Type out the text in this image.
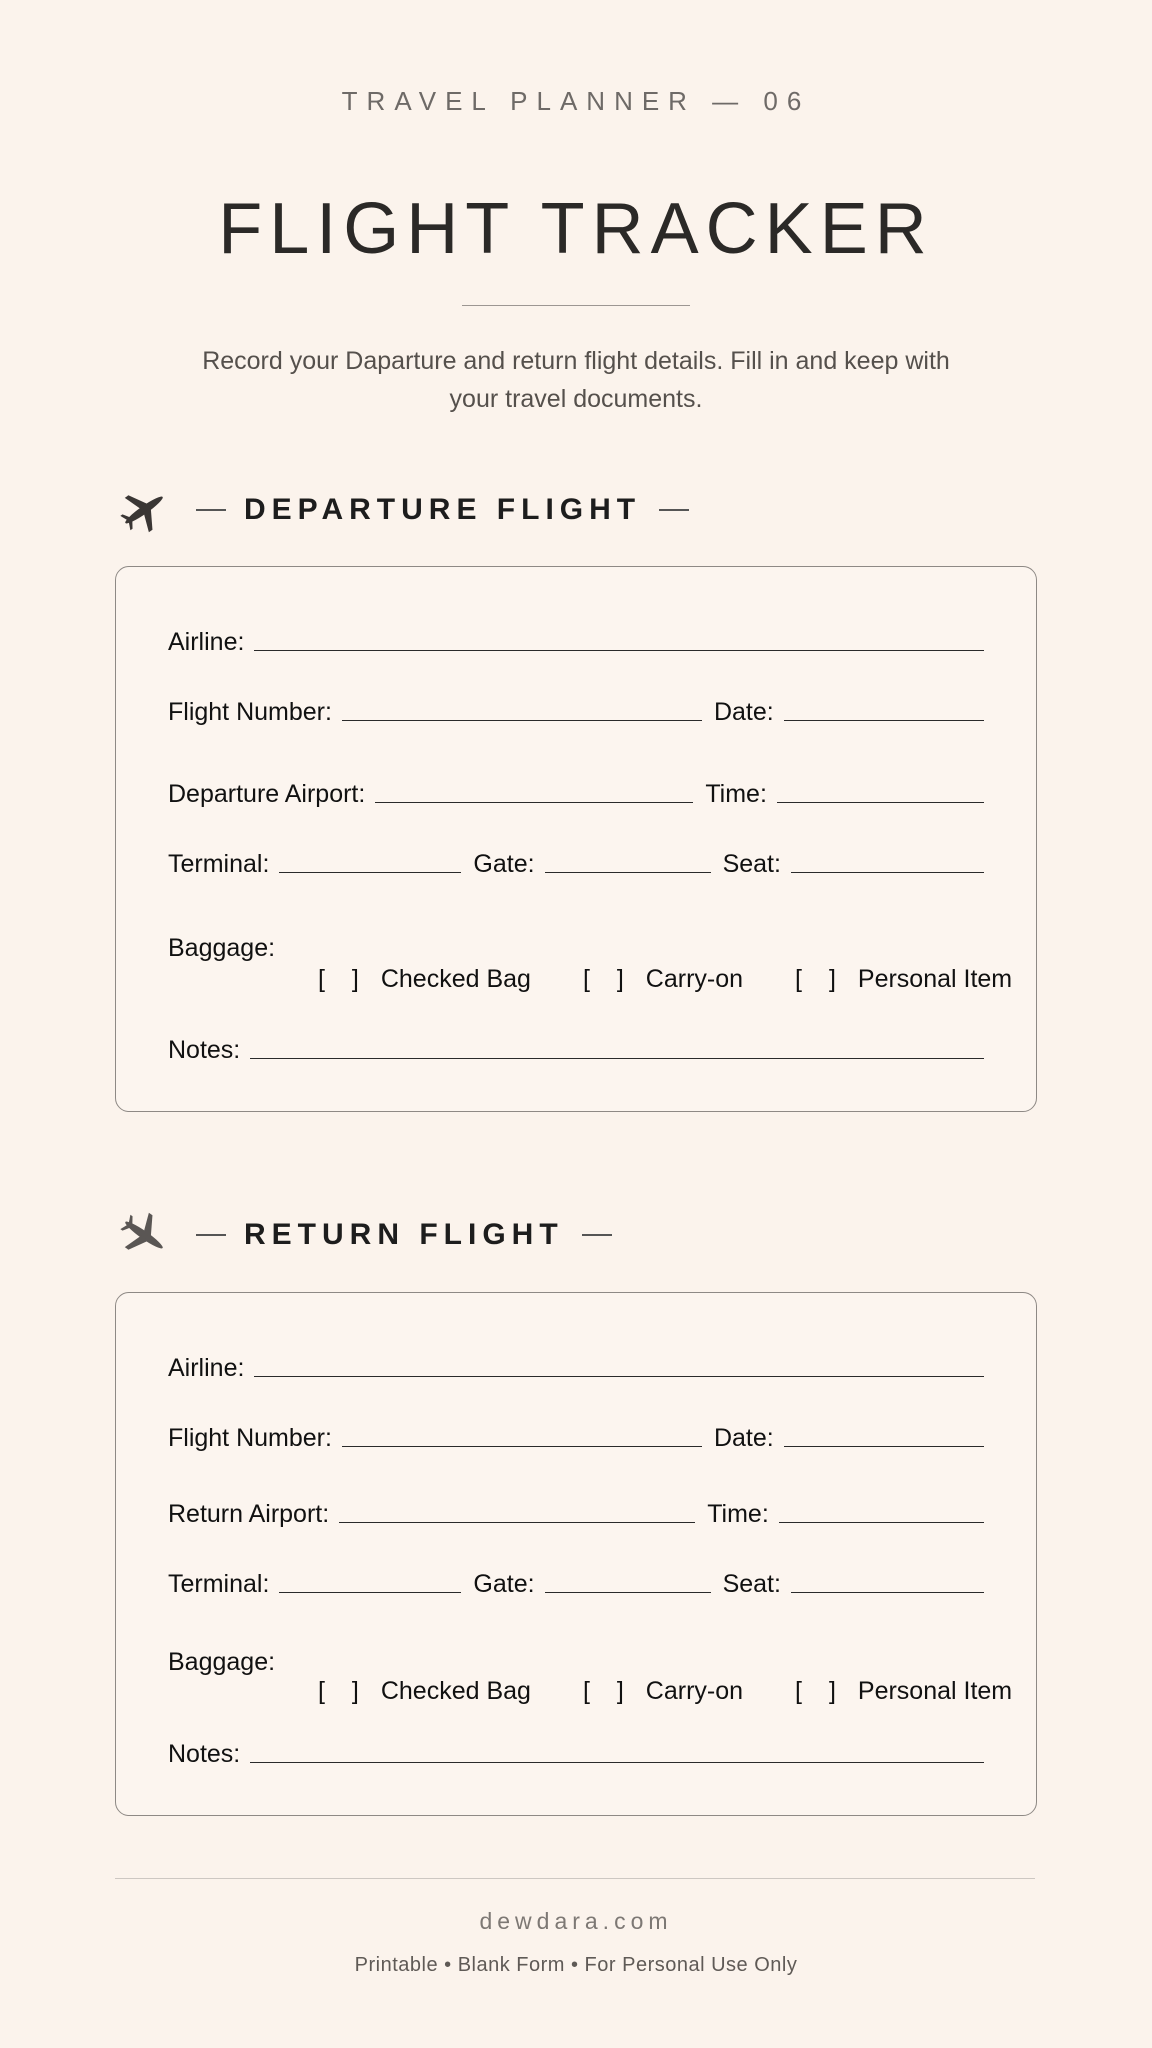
TRAVEL PLANNER — 06
FLIGHT TRACKER
Record your Daparture and return flight details. Fill in and keep with your travel documents.
DEPARTURE FLIGHT
Airline:
Flight Number:	Date:
Departure Airport:	Time:
Terminal:	Gate:	Seat:
Baggage:
[ ] Checked Bag [ ] Carry-on [ ] Personal Item
Notes:
RETURN FLIGHT
Airline:
Flight Number:	Date:
Return Airport:	Time:
Terminal:	Gate:	Seat:
Baggage:
[ ] Checked Bag [ ] Carry-on [ ] Personal Item
Notes:
dewdara.com
Printable • Blank Form • For Personal Use Only
